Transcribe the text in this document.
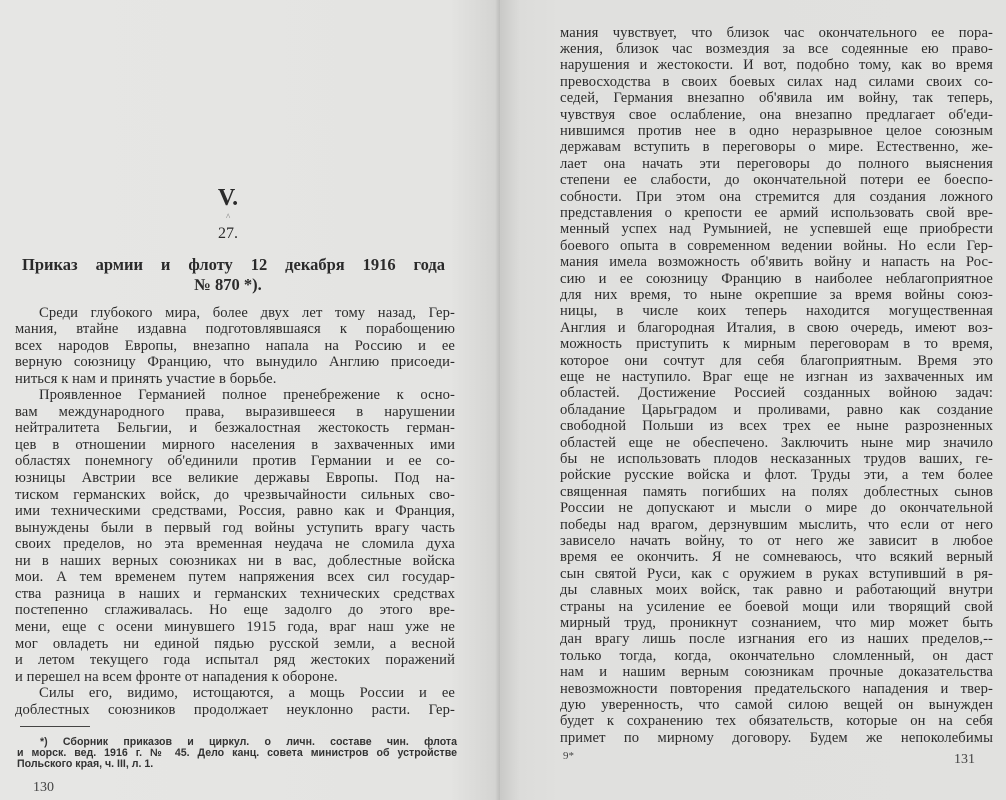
V.
^
27.
Приказ армии и флоту 12 декабря 1916 года
№ 870 *).
Среди глубокого мира, более двух лет тому назад, Гер-
мания, втайне издавна подготовлявшаяся к порабощению
всех народов Европы, внезапно напала на Россию и ее
верную союзницу Францию, что вынудило Англию присоеди-
ниться к нам и принять участие в борьбе.
Проявленное Германией полное пренебрежение к осно-
вам международного права, выразившееся в нарушении
нейтралитета Бельгии, и безжалостная жестокость герман-
цев в отношении мирного населения в захваченных ими
областях понемногу об'единили против Германии и ее со-
юзницы Австрии все великие державы Европы. Под на-
тиском германских войск, до чрезвычайности сильных сво-
ими техническими средствами, Россия, равно как и Франция,
вынуждены были в первый год войны уступить врагу часть
своих пределов, но эта временная неудача не сломила духа
ни в наших верных союзниках ни в вас, доблестные войска
мои. А тем временем путем напряжения всех сил государ-
ства разница в наших и германских технических средствах
постепенно сглаживалась. Но еще задолго до этого вре-
мени, еще с осени минувшего 1915 года, враг наш уже не
мог овладеть ни единой пядью русской земли, а весной
и летом текущего года испытал ряд жестоких поражений
и перешел на всем фронте от нападения к обороне.
Силы его, видимо, истощаются, а мощь России и ее
доблестных союзников продолжает неуклонно расти. Гер-
*) Сборник приказов и циркул. о личн. составе чин. флота
и морск. вед. 1916 г. № 45. Дело канц. совета министров об устройстве
Польского края, ч. III, л. 1.
130
мания чувствует, что близок час окончательного ее пора-
жения, близок час возмездия за все содеянные ею право-
нарушения и жестокости. И вот, подобно тому, как во время
превосходства в своих боевых силах над силами своих со-
седей, Германия внезапно об'явила им войну, так теперь,
чувствуя свое ослабление, она внезапно предлагает об'еди-
нившимся против нее в одно неразрывное целое союзным
державам вступить в переговоры о мире. Естественно, же-
лает она начать эти переговоры до полного выяснения
степени ее слабости, до окончательной потери ее боеспо-
собности. При этом она стремится для создания ложного
представления о крепости ее армий использовать свой вре-
менный успех над Румынией, не успевшей еще приобрести
боевого опыта в современном ведении войны. Но если Гер-
мания имела возможность об'явить войну и напасть на Рос-
сию и ее союзницу Францию в наиболее неблагоприятное
для них время, то ныне окрепшие за время войны союз-
ницы, в числе коих теперь находится могущественная
Англия и благородная Италия, в свою очередь, имеют воз-
можность приступить к мирным переговорам в то время,
которое они сочтут для себя благоприятным. Время это
еще не наступило. Враг еще не изгнан из захваченных им
областей. Достижение Россией созданных войною задач:
обладание Царьградом и проливами, равно как создание
свободной Польши из всех трех ее ныне разрозненных
областей еще не обеспечено. Заключить ныне мир значило
бы не использовать плодов несказанных трудов ваших, ге-
ройские русские войска и флот. Труды эти, а тем более
священная память погибших на полях доблестных сынов
России не допускают и мысли о мире до окончательной
победы над врагом, дерзнувшим мыслить, что если от него
зависело начать войну, то от него же зависит в любое
время ее окончить. Я не сомневаюсь, что всякий верный
сын святой Руси, как с оружием в руках вступивший в ря-
ды славных моих войск, так равно и работающий внутри
страны на усиление ее боевой мощи или творящий свой
мирный труд, проникнут сознанием, что мир может быть
дан врагу лишь после изгнания его из наших пределов,--
только тогда, когда, окончательно сломленный, он даст
нам и нашим верным союзникам прочные доказательства
невозможности повторения предательского нападения и твер-
дую уверенность, что самой силою вещей он вынужден
будет к сохранению тех обязательств, которые он на себя
примет по мирному договору. Будем же непоколебимы
9*	131
